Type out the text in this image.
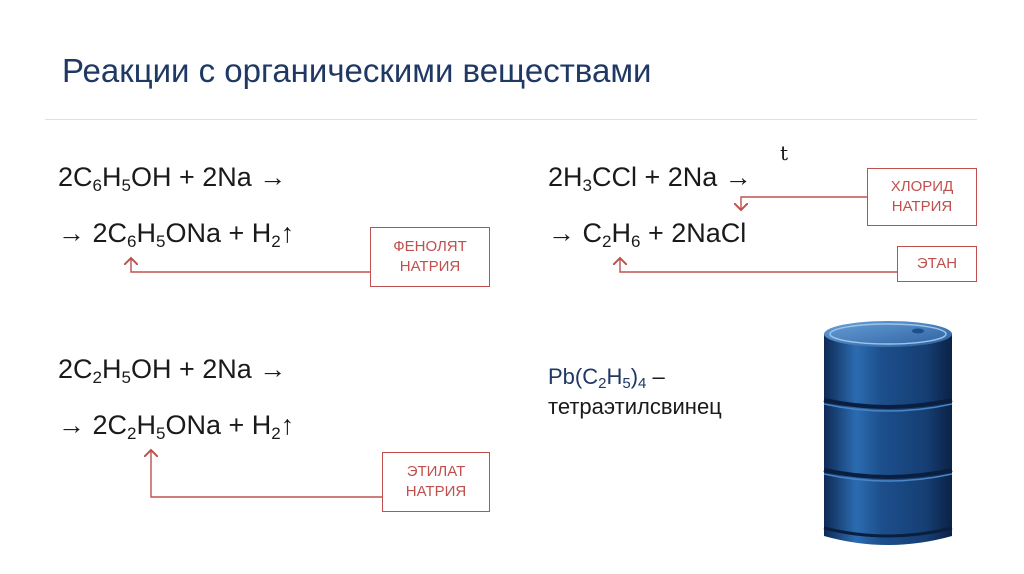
Реакции с органическими веществами
$2C_6H_5OH + 2Na$ →
→ $2C_6H_5ONa$ + $H_2↑$	ФЕНОЛЯТ
НАТРИЯ
$2C_2H_5OH + 2Na$ →
→ $2C_2H_5ONa$ + $H_2↑$
ЭТИЛАТ
НАТРИЯ
t
$2H_3CCl + 2Na$ →
→ $C_2H_6$ + 2NaCl
ХЛОРИД
НАТРИЯ
ЭТАН
$Pb(C_2H_5)_4$ –
тетраэтилсвинец
